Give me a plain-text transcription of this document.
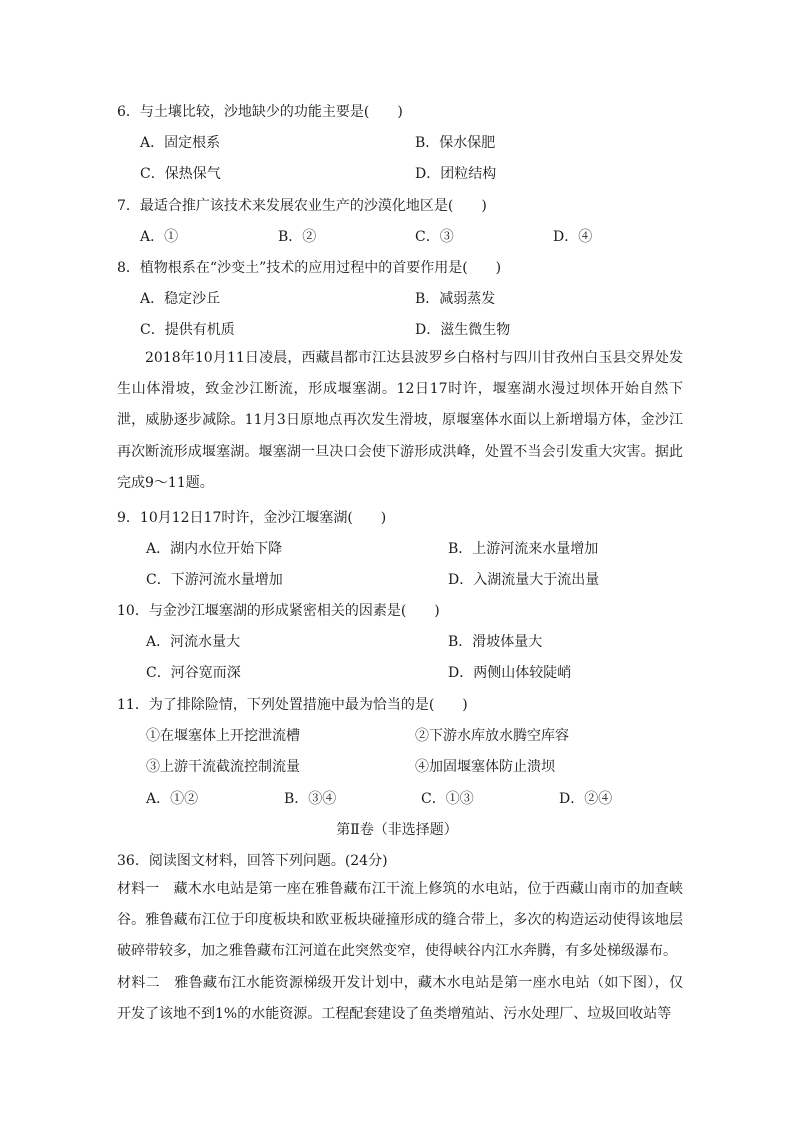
6．与土壤比较，沙地缺少的功能主要是(　　)
A．固定根系	B．保水保肥
C．保热保气	D．团粒结构
7．最适合推广该技术来发展农业生产的沙漠化地区是(　　)
A．①	B．②	C．③	D．④
8．植物根系在“沙变土”技术的应用过程中的首要作用是(　　)
A．稳定沙丘	B．减弱蒸发
C．提供有机质	D．滋生微生物

2018年10月11日凌晨，西藏昌都市江达县波罗乡白格村与四川甘孜州白玉县交界处发生山体滑坡，致金沙江断流，形成堰塞湖。12日17时许，堰塞湖水漫过坝体开始自然下泄，威胁逐步减除。11月3日原地点再次发生滑坡，原堰塞体水面以上新增塌方体，金沙江再次断流形成堰塞湖。堰塞湖一旦决口会使下游形成洪峰，处置不当会引发重大灾害。据此完成9～11题。

9．10月12日17时许，金沙江堰塞湖(　　)
A．湖内水位开始下降	B．上游河流来水量增加
C．下游河流水量增加	D．入湖流量大于流出量
10．与金沙江堰塞湖的形成紧密相关的因素是(　　)
A．河流水量大	B．滑坡体量大
C．河谷宽而深	D．两侧山体较陡峭
11．为了排除险情，下列处置措施中最为恰当的是(　　)
①在堰塞体上开挖泄流槽	②下游水库放水腾空库容
③上游干流截流控制流量	④加固堰塞体防止溃坝
A．①②	B．③④	C．①③	D．②④
第Ⅱ卷（非选择题）
36．阅读图文材料，回答下列问题。(24分)

材料一　藏木水电站是第一座在雅鲁藏布江干流上修筑的水电站，位于西藏山南市的加查峡谷。雅鲁藏布江位于印度板块和欧亚板块碰撞形成的缝合带上，多次的构造运动使得该地层破碎带较多，加之雅鲁藏布江河道在此突然变窄，使得峡谷内江水奔腾，有多处梯级瀑布。

材料二　雅鲁藏布江水能资源梯级开发计划中，藏木水电站是第一座水电站（如下图），仅开发了该地不到1%的水能资源。工程配套建设了鱼类增殖站、污水处理厂、垃圾回收站等
